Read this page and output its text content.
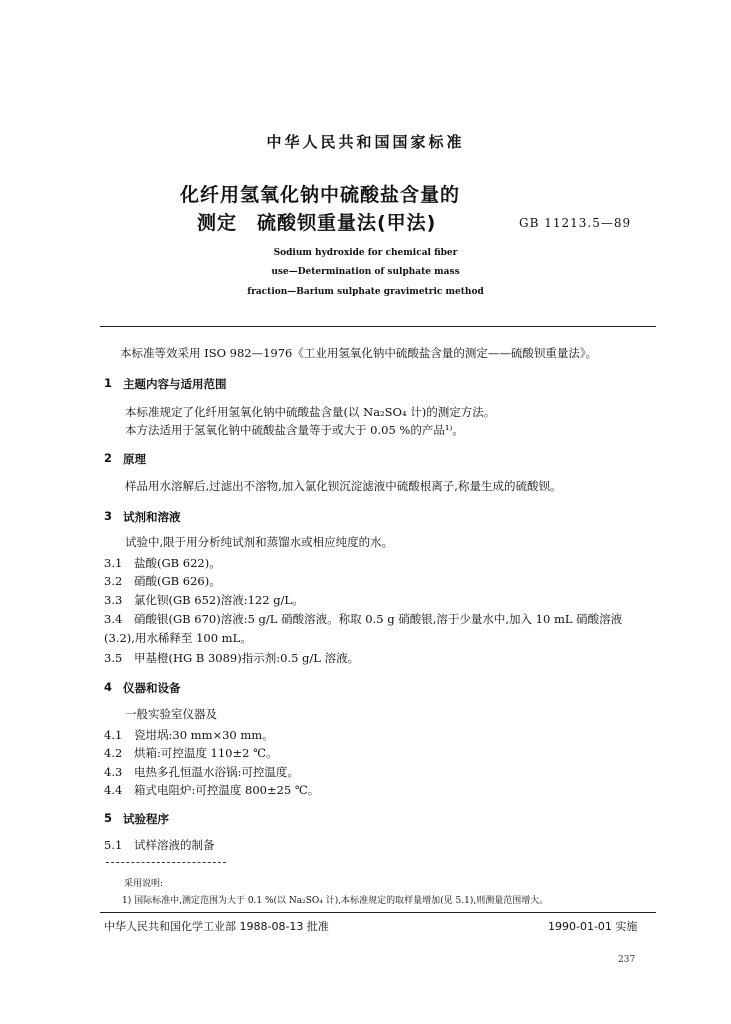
中华人民共和国国家标准
化纤用氢氧化钠中硫酸盐含量的
测定　硫酸钡重量法(甲法)	GB 11213.5—89
Sodium hydroxide for chemical fiber
use—Determination of sulphate mass
fraction—Barium sulphate gravimetric method
本标准等效采用 ISO 982—1976《工业用氢氧化钠中硫酸盐含量的测定——硫酸钡重量法》。
1 主题内容与适用范围
本标准规定了化纤用氢氧化钠中硫酸盐含量(以 Na₂SO₄ 计)的测定方法。
本方法适用于氢氧化钠中硫酸盐含量等于或大于 0.05 %的产品¹⁾。
2 原理
样品用水溶解后,过滤出不溶物,加入氯化钡沉淀滤液中硫酸根离子,称量生成的硫酸钡。
3 试剂和溶液
试验中,限于用分析纯试剂和蒸馏水或相应纯度的水。
3.1 盐酸(GB 622)。
3.2 硝酸(GB 626)。
3.3 氯化钡(GB 652)溶液:122 g/L。
3.4 硝酸银(GB 670)溶液:5 g/L 硝酸溶液。称取 0.5 g 硝酸银,溶于少量水中,加入 10 mL 硝酸溶液
(3.2),用水稀释至 100 mL。
3.5 甲基橙(HG B 3089)指示剂:0.5 g/L 溶液。
4 仪器和设备
一般实验室仪器及
4.1 瓷坩埚:30 mm×30 mm。
4.2 烘箱:可控温度 110±2 ℃。
4.3 电热多孔恒温水浴锅:可控温度。
4.4 箱式电阻炉:可控温度 800±25 ℃。
5 试验程序
5.1 试样溶液的制备
采用说明:
1) 国际标准中,测定范围为大于 0.1 %(以 Na₂SO₄ 计),本标准规定的取样量增加(见 5.1),则测量范围增大。
中华人民共和国化学工业部 1988-08-13 批准	1990-01-01 实施
237
